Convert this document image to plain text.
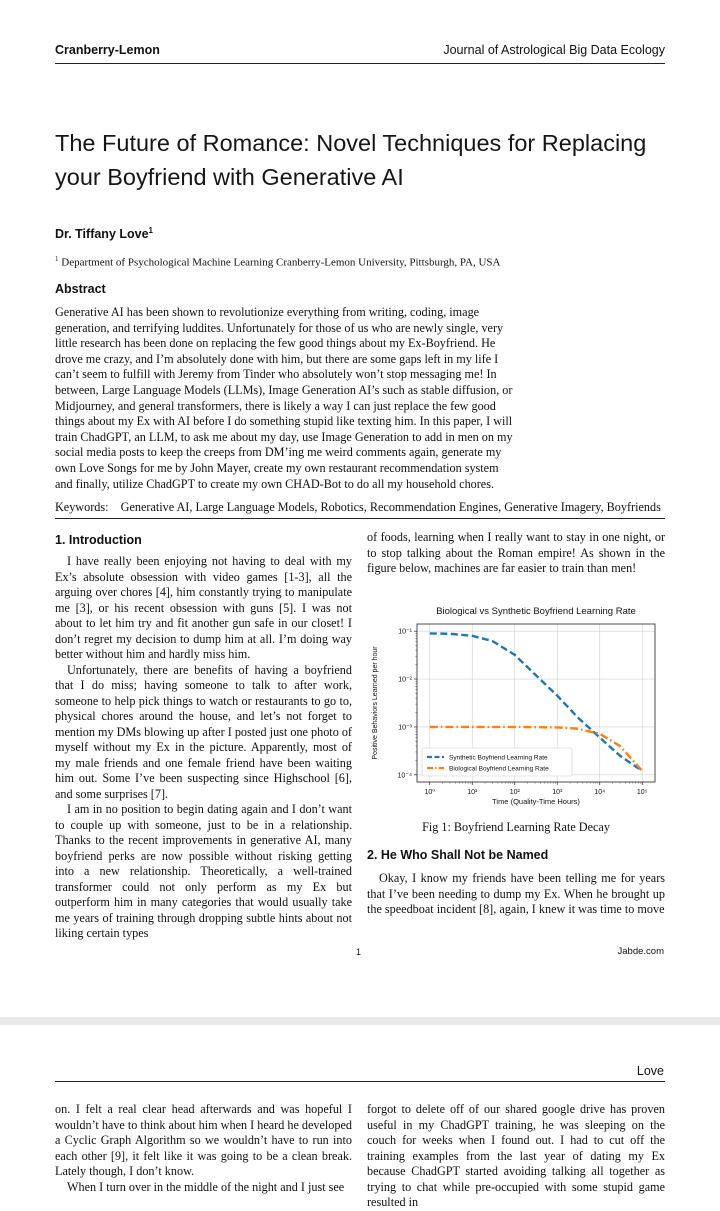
Cranberry-Lemon	Journal of Astrological Big Data Ecology
The Future of Romance: Novel Techniques for Replacing
your Boyfriend with Generative AI
Dr. Tiffany Love$^1$
$^1$ Department of Psychological Machine Learning Cranberry-Lemon University, Pittsburgh, PA, USA
Abstract
Generative AI has been shown to revolutionize everything from writing, coding, image
generation, and terrifying luddites. Unfortunately for those of us who are newly single, very
little research has been done on replacing the few good things about my Ex-Boyfriend. He
drove me crazy, and I’m absolutely done with him, but there are some gaps left in my life I
can’t seem to fulfill with Jeremy from Tinder who absolutely won’t stop messaging me! In
between, Large Language Models (LLMs), Image Generation AI’s such as stable diffusion, or
Midjourney, and general transformers, there is likely a way I can just replace the few good
things about my Ex with AI before I do something stupid like texting him. In this paper, I will
train ChadGPT, an LLM, to ask me about my day, use Image Generation to add in men on my
social media posts to keep the creeps from DM’ing me weird comments again, generate my
own Love Songs for me by John Mayer, create my own restaurant recommendation system
and finally, utilize ChadGPT to create my own CHAD-Bot to do all my household chores.
Keywords: Generative AI, Large Language Models, Robotics, Recommendation Engines, Generative Imagery, Boyfriends
1. Introduction

I have really been enjoying not having to deal with my Ex’s absolute obsession with video games [1-3], all the arguing over chores [4], him constantly trying to manipulate me [3], or his recent obsession with guns [5]. I was not about to let him try and fit another gun safe in our closet! I don’t regret my decision to dump him at all. I’m doing way better without him and hardly miss him.

Unfortunately, there are benefits of having a boyfriend that I do miss; having someone to talk to after work, someone to help pick things to watch or restaurants to go to, physical chores around the house, and let’s not forget to mention my DMs blowing up after I posted just one photo of myself without my Ex in the picture. Apparently, most of my male friends and one female friend have been waiting him out. Some I’ve been suspecting since Highschool [6], and some surprises [7].

I am in no position to begin dating again and I don’t want to couple up with someone, just to be in a relationship. Thanks to the recent improvements in generative AI, many boyfriend perks are now possible without risking getting into a new relationship. Theoretically, a well-trained transformer could not only perform as my Ex but outperform him in many categories that would usually take me years of training through dropping subtle hints about not liking certain types

of foods, learning when I really want to stay in one night, or to stop talking about the Roman empire! As shown in the figure below, machines are far easier to train than men!

Biological vs Synthetic Boyfriend Learning Rate
10⁰	10¹	10²	10³	10⁴	10⁵
10⁻¹
10⁻²
10⁻³
10⁻⁴
Positive Behaviors Learned per hour
Time (Quality-Time Hours)
Synthetic Boyfriend Learning Rate
Biological Boyfriend Learning Rate
Fig 1: Boyfriend Learning Rate Decay
2. He Who Shall Not be Named

Okay, I know my friends have been telling me for years that I’ve been needing to dump my Ex. When he brought up the speedboat incident [8], again, I knew it was time to move

1	Jabde.com
Love

on. I felt a real clear head afterwards and was hopeful I wouldn’t have to think about him when I heard he developed a Cyclic Graph Algorithm so we wouldn’t have to run into each other [9], it felt like it was going to be a clean break. Lately though, I don’t know.

When I turn over in the middle of the night and I just see

forgot to delete off of our shared google drive has proven useful in my ChadGPT training, he was sleeping on the couch for weeks when I found out. I had to cut off the training examples from the last year of dating my Ex because ChadGPT started avoiding talking all together as trying to chat while pre-occupied with some stupid game resulted in
